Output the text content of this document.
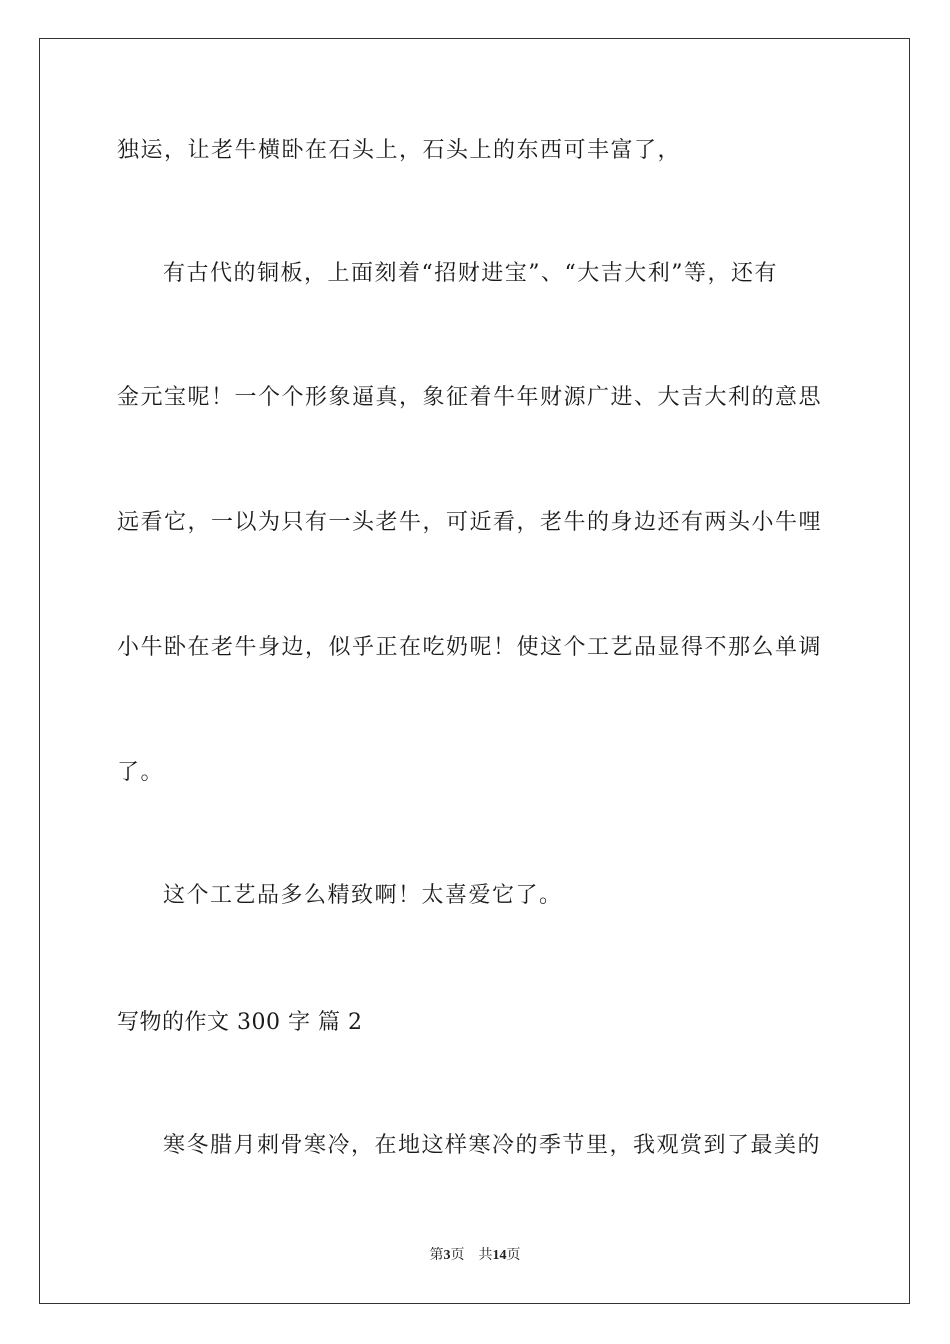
独运，让老牛横卧在石头上，石头上的东西可丰富了，
有古代的铜板，上面刻着“招财进宝”、“大吉大利”等，还有
金元宝呢！一个个形象逼真，象征着牛年财源广进、大吉大利的意思
远看它，一以为只有一头老牛，可近看，老牛的身边还有两头小牛哩
小牛卧在老牛身边，似乎正在吃奶呢！使这个工艺品显得不那么单调
了。
这个工艺品多么精致啊！太喜爱它了。
写物的作文 300 字 篇 2
寒冬腊月刺骨寒冷，在地这样寒冷的季节里，我观赏到了最美的
第3页 共14页
